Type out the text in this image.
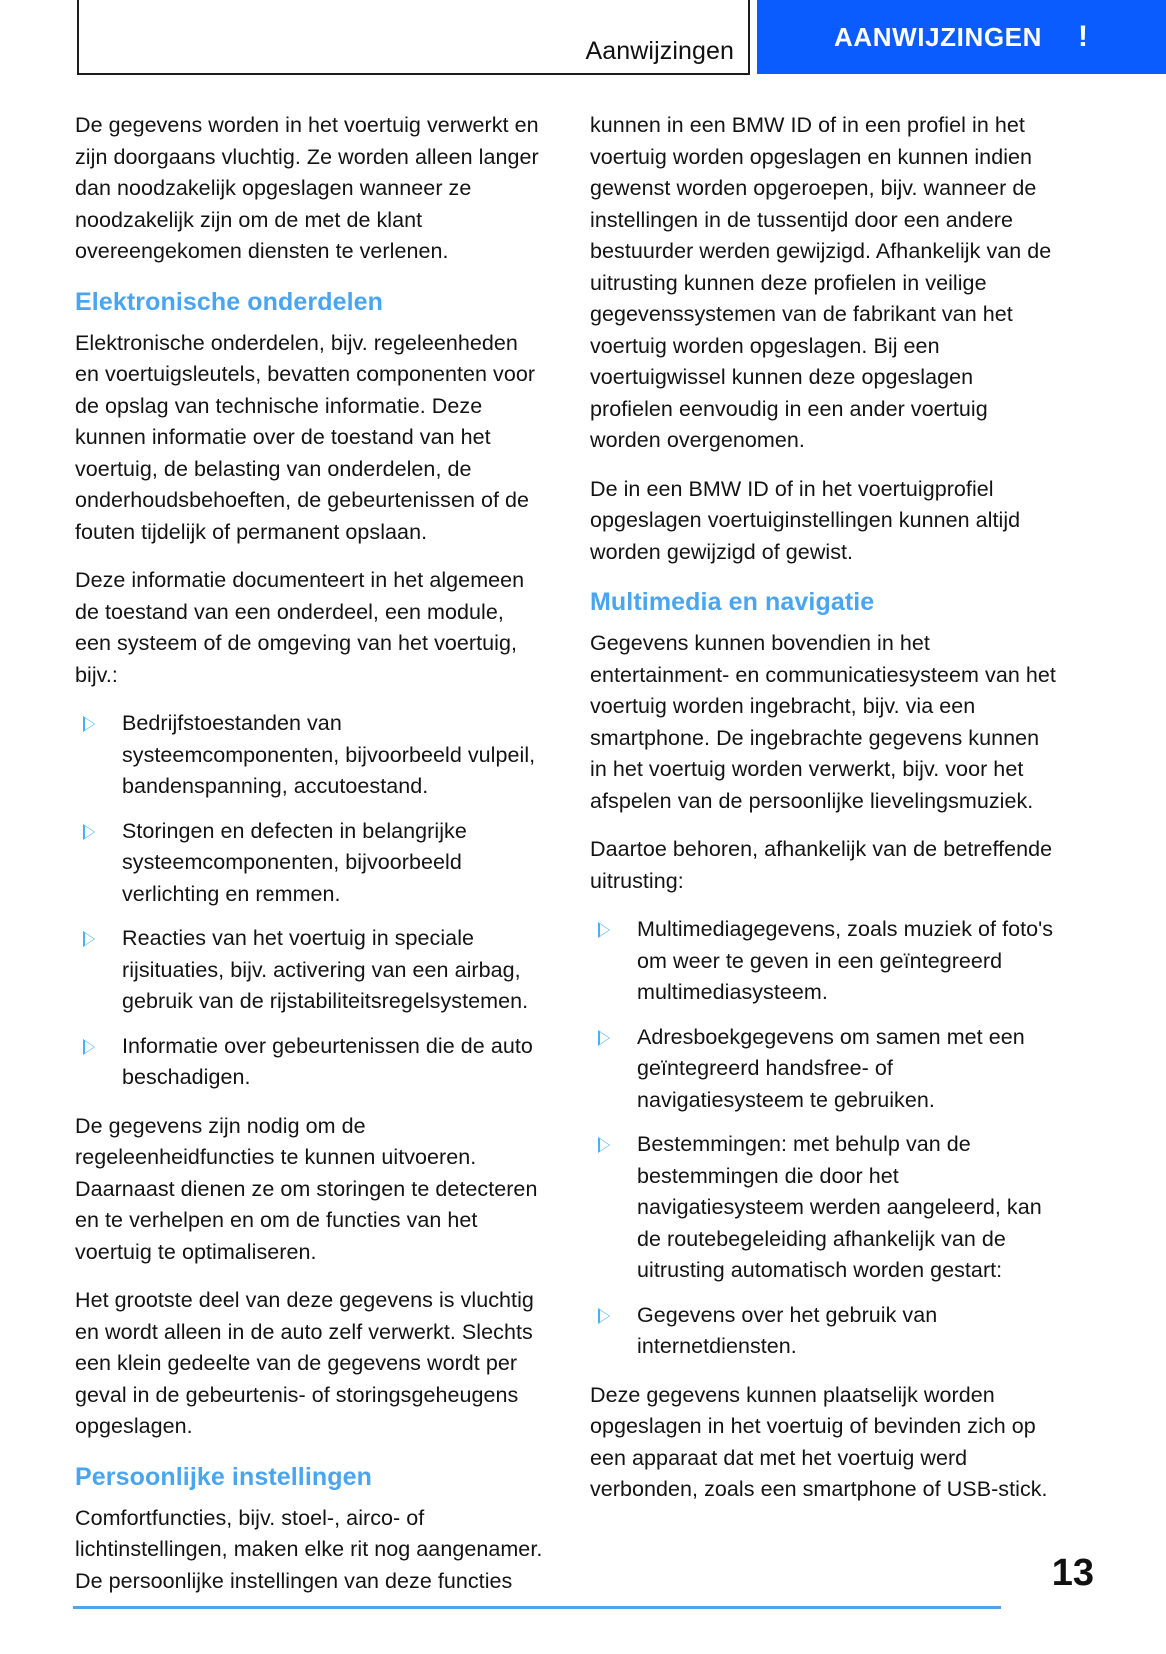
Aanwijzingen	AANWIJZINGEN !

De gegevens worden in het voertuig verwerkt en zijn doorgaans vluchtig. Ze worden alleen langer dan noodzakelijk opgeslagen wanneer ze noodzakelijk zijn om de met de klant overeengekomen diensten te verlenen.

Elektronische onderdelen

Elektronische onderdelen, bijv. regeleenheden en voertuigsleutels, bevatten componenten voor de opslag van technische informatie. Deze kunnen informatie over de toestand van het voertuig, de belasting van onderdelen, de onderhoudsbehoeften, de gebeurtenissen of de fouten tijdelijk of permanent opslaan.

Deze informatie documenteert in het algemeen de toestand van een onderdeel, een module, een systeem of de omgeving van het voertuig, bijv.:

Bedrijfstoestanden van systeemcomponenten, bijvoorbeeld vulpeil, bandenspanning, accutoestand.
Storingen en defecten in belangrijke systeemcomponenten, bijvoorbeeld verlichting en remmen.
Reacties van het voertuig in speciale rijsituaties, bijv. activering van een airbag, gebruik van de rijstabiliteitsregelsystemen.
Informatie over gebeurtenissen die de auto beschadigen.

De gegevens zijn nodig om de regeleenheidfuncties te kunnen uitvoeren. Daarnaast dienen ze om storingen te detecteren en te verhelpen en om de functies van het voertuig te optimaliseren.

Het grootste deel van deze gegevens is vluchtig en wordt alleen in de auto zelf verwerkt. Slechts een klein gedeelte van de gegevens wordt per geval in de gebeurtenis- of storingsgeheugens opgeslagen.

Persoonlijke instellingen

Comfortfuncties, bijv. stoel-, airco- of lichtinstellingen, maken elke rit nog aangenamer. De persoonlijke instellingen van deze functies

kunnen in een BMW ID of in een profiel in het voertuig worden opgeslagen en kunnen indien gewenst worden opgeroepen, bijv. wanneer de instellingen in de tussentijd door een andere bestuurder werden gewijzigd. Afhankelijk van de uitrusting kunnen deze profielen in veilige gegevenssystemen van de fabrikant van het voertuig worden opgeslagen. Bij een voertuigwissel kunnen deze opgeslagen profielen eenvoudig in een ander voertuig worden overgenomen.

De in een BMW ID of in het voertuigprofiel opgeslagen voertuiginstellingen kunnen altijd worden gewijzigd of gewist.

Multimedia en navigatie

Gegevens kunnen bovendien in het entertainment- en communicatiesysteem van het voertuig worden ingebracht, bijv. via een smartphone. De ingebrachte gegevens kunnen in het voertuig worden verwerkt, bijv. voor het afspelen van de persoonlijke lievelingsmuziek.

Daartoe behoren, afhankelijk van de betreffende uitrusting:

Multimediagegevens, zoals muziek of foto's om weer te geven in een geïntegreerd multimediasysteem.
Adresboekgegevens om samen met een geïntegreerd handsfree- of navigatiesysteem te gebruiken.
Bestemmingen: met behulp van de bestemmingen die door het navigatiesysteem werden aangeleerd, kan de routebegeleiding afhankelijk van de uitrusting automatisch worden gestart:
Gegevens over het gebruik van internetdiensten.

Deze gegevens kunnen plaatselijk worden opgeslagen in het voertuig of bevinden zich op een apparaat dat met het voertuig werd verbonden, zoals een smartphone of USB-stick.

13
